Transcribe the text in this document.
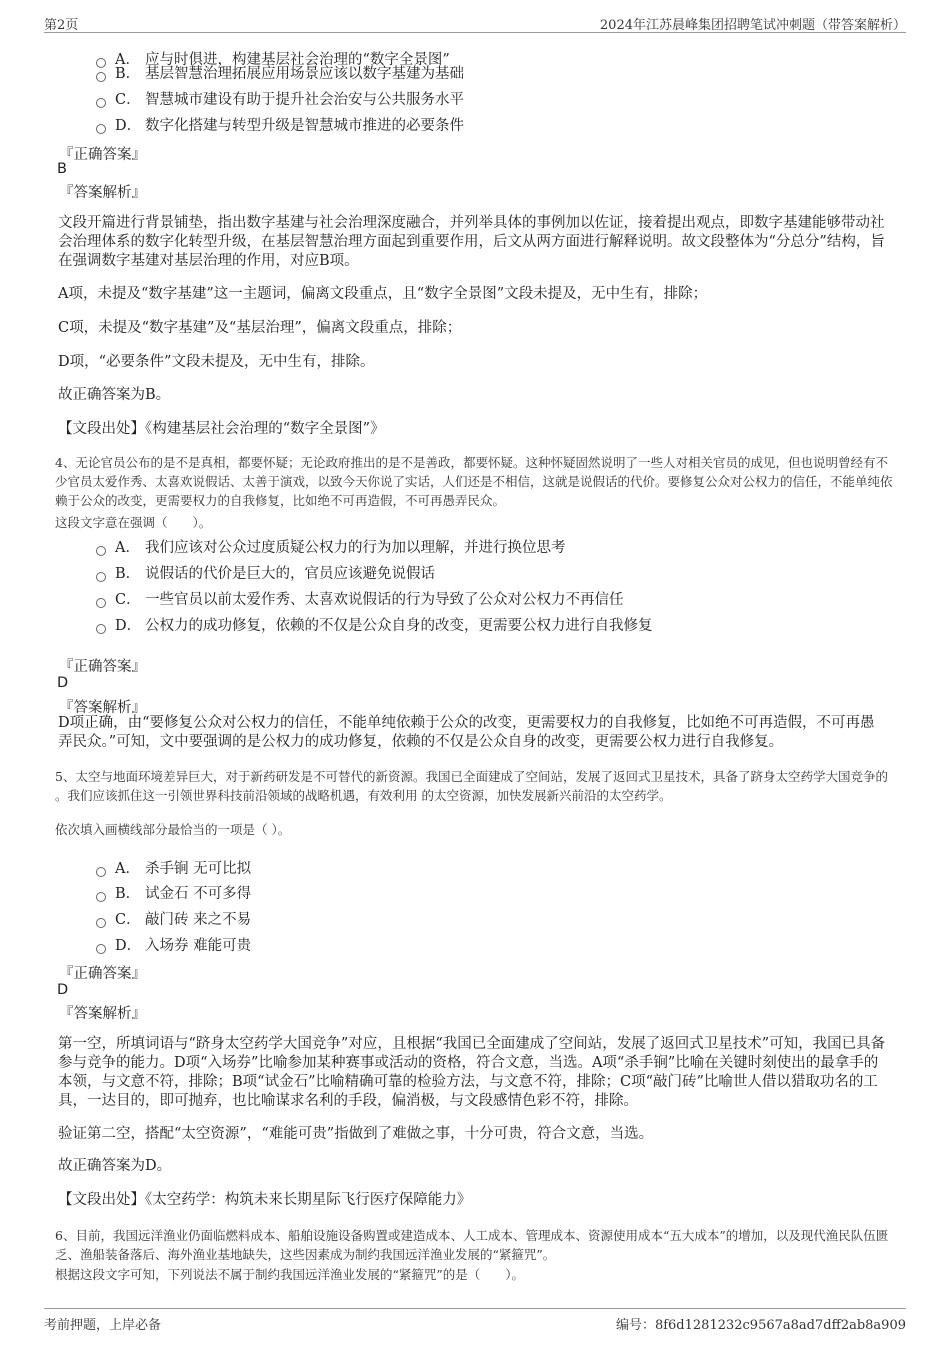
第2页	2024年江苏晨峰集团招聘笔试冲刺题（带答案解析）
A． 应与时俱进，构建基层社会治理的“数字全景图”
B． 基层智慧治理拓展应用场景应该以数字基建为基础
C． 智慧城市建设有助于提升社会治安与公共服务水平
D． 数字化搭建与转型升级是智慧城市推进的必要条件
『正确答案』
B
『答案解析』
文段开篇进行背景铺垫，指出数字基建与社会治理深度融合，并列举具体的事例加以佐证，接着提出观点，即数字基建能够带动社会治理体系的数字化转型升级，在基层智慧治理方面起到重要作用，后文从两方面进行解释说明。故文段整体为“分总分”结构，旨在强调数字基建对基层治理的作用，对应B项。
A项，未提及“数字基建”这一主题词，偏离文段重点，且“数字全景图”文段未提及，无中生有，排除；
C项，未提及“数字基建”及“基层治理”，偏离文段重点，排除；
D项，“必要条件”文段未提及，无中生有，排除。
故正确答案为B。
【文段出处】《构建基层社会治理的“数字全景图”》
4、无论官员公布的是不是真相，都要怀疑；无论政府推出的是不是善政，都要怀疑。这种怀疑固然说明了一些人对相关官员的成见，但也说明曾经有不少官员太爱作秀、太喜欢说假话、太善于演戏，以致今天你说了实话，人们还是不相信，这就是说假话的代价。要修复公众对公权力的信任，不能单纯依赖于公众的改变，更需要权力的自我修复，比如绝不可再造假，不可再愚弄民众。
这段文字意在强调（　　）。
A． 我们应该对公众过度质疑公权力的行为加以理解，并进行换位思考
B． 说假话的代价是巨大的，官员应该避免说假话
C． 一些官员以前太爱作秀、太喜欢说假话的行为导致了公众对公权力不再信任
D． 公权力的成功修复，依赖的不仅是公众自身的改变，更需要公权力进行自我修复
『正确答案』
D
『答案解析』
D项正确，由“要修复公众对公权力的信任，不能单纯依赖于公众的改变，更需要权力的自我修复，比如绝不可再造假，不可再愚弄民众。”可知，文中要强调的是公权力的成功修复，依赖的不仅是公众自身的改变，更需要公权力进行自我修复。
5、太空与地面环境差异巨大，对于新药研发是不可替代的新资源。我国已全面建成了空间站，发展了返回式卫星技术，具备了跻身太空药学大国竞争的 。我们应该抓住这一引领世界科技前沿领域的战略机遇，有效利用 的太空资源，加快发展新兴前沿的太空药学。
依次填入画横线部分最恰当的一项是（ ）。
A． 杀手锏 无可比拟
B． 试金石 不可多得
C． 敲门砖 来之不易
D． 入场券 难能可贵
『正确答案』
D
『答案解析』
第一空，所填词语与“跻身太空药学大国竞争”对应，且根据“我国已全面建成了空间站，发展了返回式卫星技术”可知，我国已具备参与竞争的能力。D项“入场券”比喻参加某种赛事或活动的资格，符合文意，当选。A项“杀手锏”比喻在关键时刻使出的最拿手的本领，与文意不符，排除；B项“试金石”比喻精确可靠的检验方法，与文意不符，排除；C项“敲门砖”比喻世人借以猎取功名的工具，一达目的，即可抛弃，也比喻谋求名利的手段，偏消极，与文段感情色彩不符，排除。
验证第二空，搭配“太空资源”，“难能可贵”指做到了难做之事，十分可贵，符合文意，当选。
故正确答案为D。
【文段出处】《太空药学：构筑未来长期星际飞行医疗保障能力》
6、目前，我国远洋渔业仍面临燃料成本、船舶设施设备购置或建造成本、人工成本、管理成本、资源使用成本“五大成本”的增加，以及现代渔民队伍匮乏、渔船装备落后、海外渔业基地缺失，这些因素成为制约我国远洋渔业发展的“紧箍咒”。
根据这段文字可知，下列说法不属于制约我国远洋渔业发展的“紧箍咒”的是（　　）。
考前押题，上岸必备	编号：8f6d1281232c9567a8ad7dff2ab8a909
